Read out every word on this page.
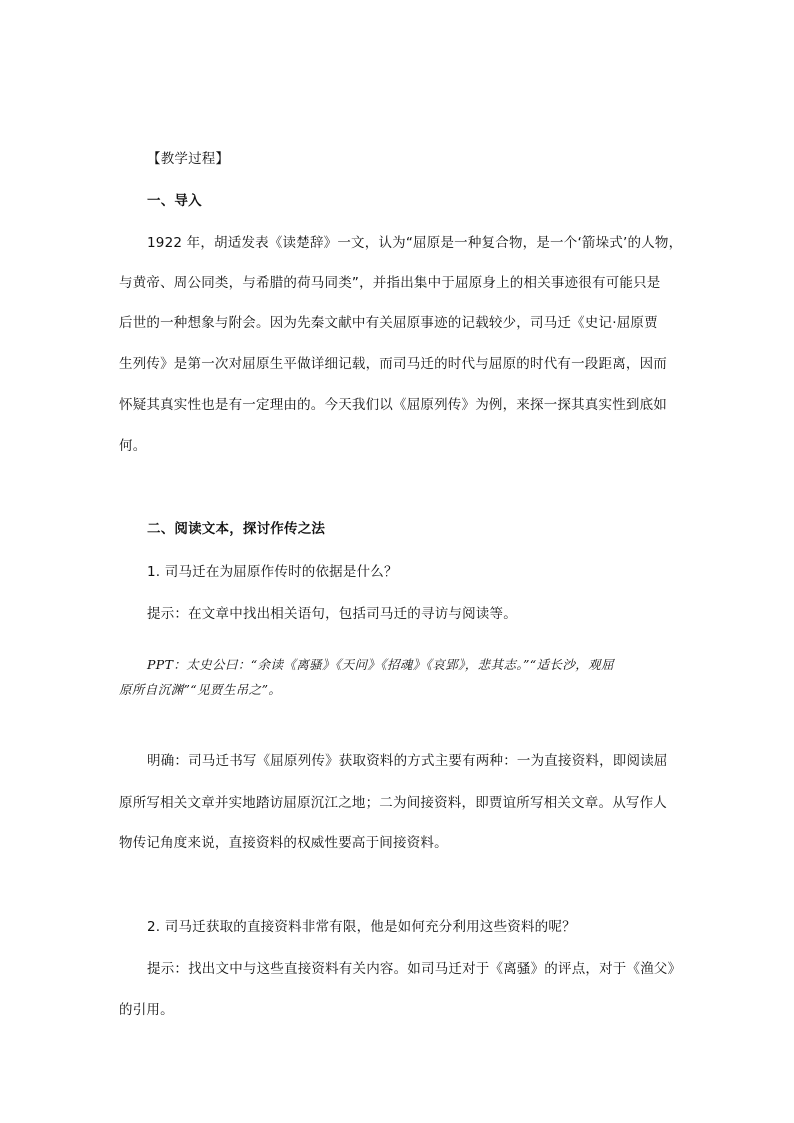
【教学过程】
一、导入
1922 年，胡适发表《读楚辞》一文，认为“屈原是一种复合物，是一个‘箭垛式’的人物，
与黄帝、周公同类，与希腊的荷马同类”，并指出集中于屈原身上的相关事迹很有可能只是
后世的一种想象与附会。因为先秦文献中有关屈原事迹的记载较少，司马迁《史记·屈原贾
生列传》是第一次对屈原生平做详细记载，而司马迁的时代与屈原的时代有一段距离，因而
怀疑其真实性也是有一定理由的。今天我们以《屈原列传》为例，来探一探其真实性到底如
何。
二、阅读文本，探讨作传之法
1. 司马迁在为屈原作传时的依据是什么？
提示：在文章中找出相关语句，包括司马迁的寻访与阅读等。
PPT：太史公曰：“余读《离骚》《天问》《招魂》《哀郢》，悲其志。”“适长沙，观屈
原所自沉渊”“见贾生吊之”。
明确：司马迁书写《屈原列传》获取资料的方式主要有两种：一为直接资料，即阅读屈
原所写相关文章并实地踏访屈原沉江之地；二为间接资料，即贾谊所写相关文章。从写作人
物传记角度来说，直接资料的权威性要高于间接资料。
2. 司马迁获取的直接资料非常有限，他是如何充分利用这些资料的呢？
提示：找出文中与这些直接资料有关内容。如司马迁对于《离骚》的评点，对于《渔父》
的引用。
